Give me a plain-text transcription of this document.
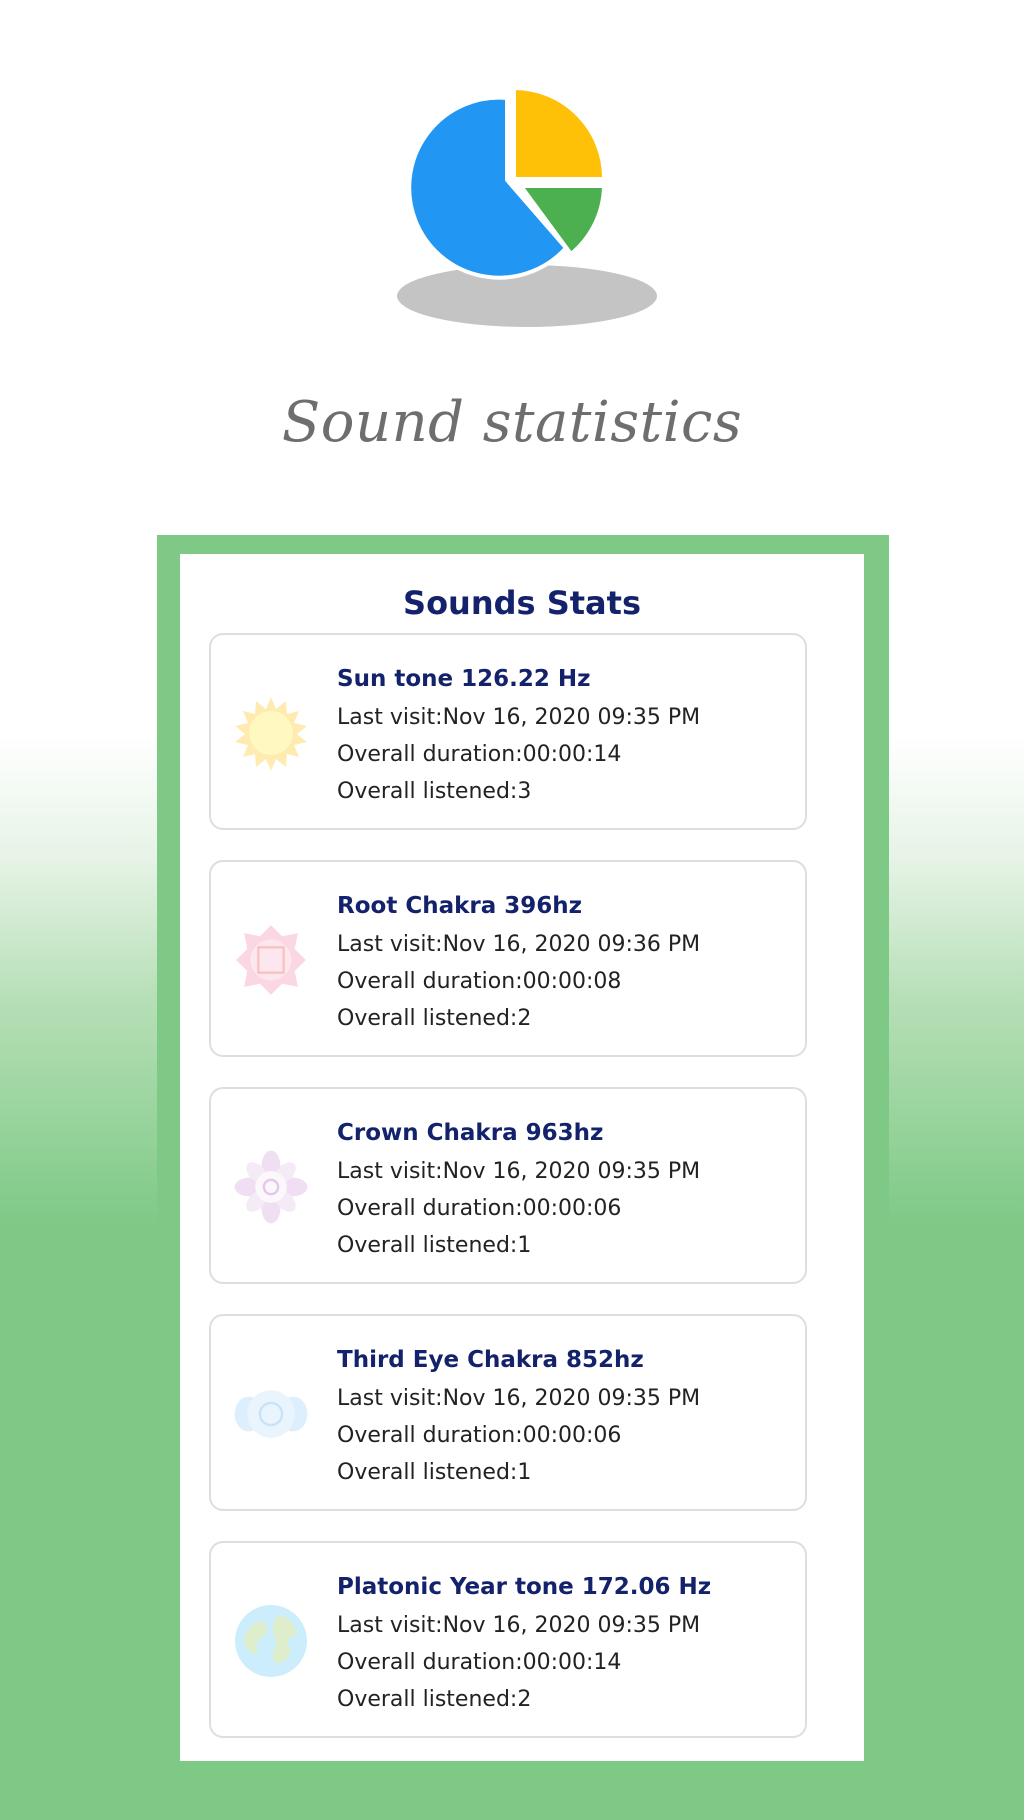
Sound statistics
Sounds Stats
Sun tone 126.22 Hz
Last visit:Nov 16, 2020 09:35 PM
Overall duration:00:00:14
Overall listened:3
Root Chakra 396hz
Last visit:Nov 16, 2020 09:36 PM
Overall duration:00:00:08
Overall listened:2
Crown Chakra 963hz
Last visit:Nov 16, 2020 09:35 PM
Overall duration:00:00:06
Overall listened:1
Third Eye Chakra 852hz
Last visit:Nov 16, 2020 09:35 PM
Overall duration:00:00:06
Overall listened:1
Platonic Year tone 172.06 Hz
Last visit:Nov 16, 2020 09:35 PM
Overall duration:00:00:14
Overall listened:2
